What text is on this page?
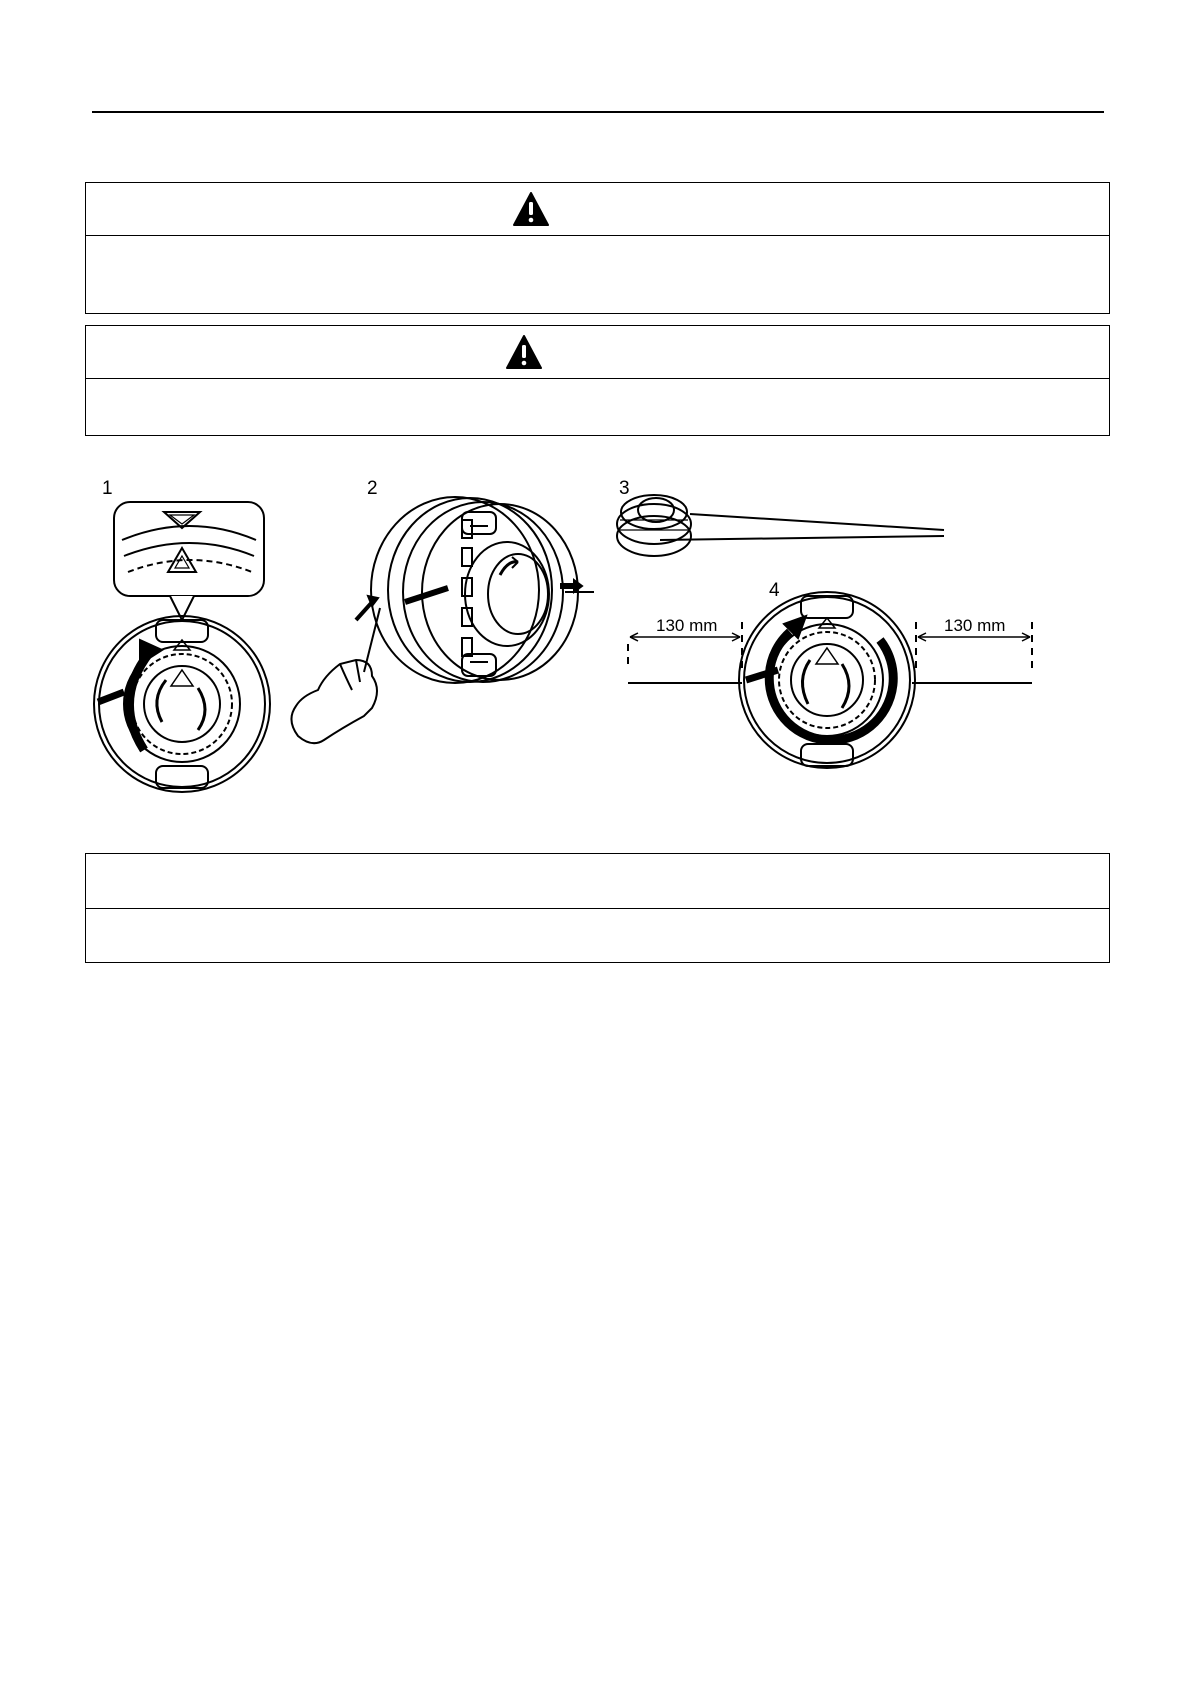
1	2	3
4
130 mm	130 mm
